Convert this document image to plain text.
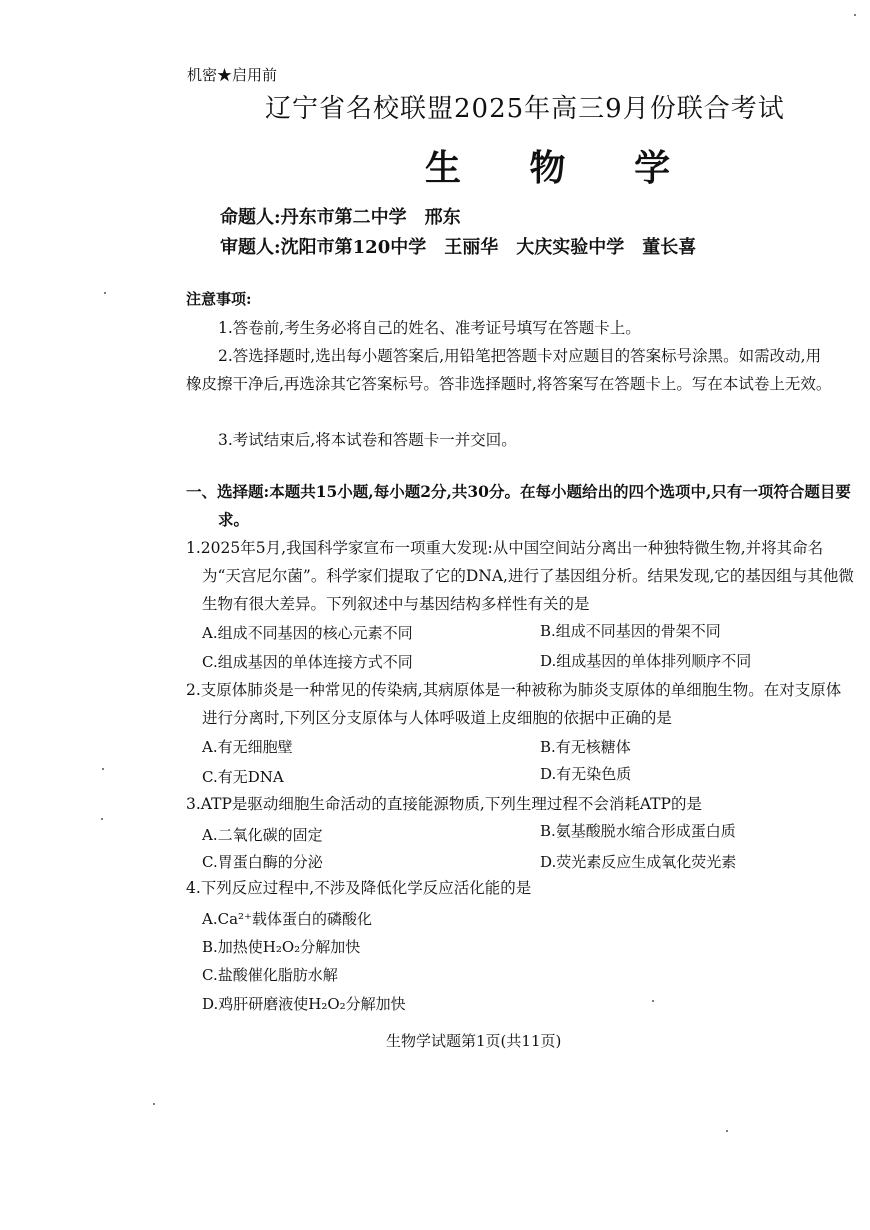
机密★启用前
辽宁省名校联盟2025年高三9月份联合考试
生 物 学
命题人:丹东市第二中学　邢东
审题人:沈阳市第120中学　王丽华　大庆实验中学　董长喜
注意事项:
1.答卷前,考生务必将自己的姓名、准考证号填写在答题卡上。
2.答选择题时,选出每小题答案后,用铅笔把答题卡对应题目的答案标号涂黑。如需改动,用橡皮擦干净后,再选涂其它答案标号。答非选择题时,将答案写在答题卡上。写在本试卷上无效。
3.考试结束后,将本试卷和答题卡一并交回。
一、选择题:本题共15小题,每小题2分,共30分。在每小题给出的四个选项中,只有一项符合题目要求。
1.2025年5月,我国科学家宣布一项重大发现:从中国空间站分离出一种独特微生物,并将其命名为“天宫尼尔菌”。科学家们提取了它的DNA,进行了基因组分析。结果发现,它的基因组与其他微生物有很大差异。下列叙述中与基因结构多样性有关的是
A.组成不同基因的核心元素不同	B.组成不同基因的骨架不同
C.组成基因的单体连接方式不同	D.组成基因的单体排列顺序不同
2.支原体肺炎是一种常见的传染病,其病原体是一种被称为肺炎支原体的单细胞生物。在对支原体进行分离时,下列区分支原体与人体呼吸道上皮细胞的依据中正确的是
A.有无细胞壁	B.有无核糖体
C.有无DNA	D.有无染色质
3.ATP是驱动细胞生命活动的直接能源物质,下列生理过程不会消耗ATP的是
A.二氧化碳的固定	B.氨基酸脱水缩合形成蛋白质
C.胃蛋白酶的分泌	D.荧光素反应生成氧化荧光素
4.下列反应过程中,不涉及降低化学反应活化能的是
A.Ca²⁺载体蛋白的磷酸化
B.加热使H₂O₂分解加快
C.盐酸催化脂肪水解
D.鸡肝研磨液使H₂O₂分解加快
生物学试题第1页(共11页)
